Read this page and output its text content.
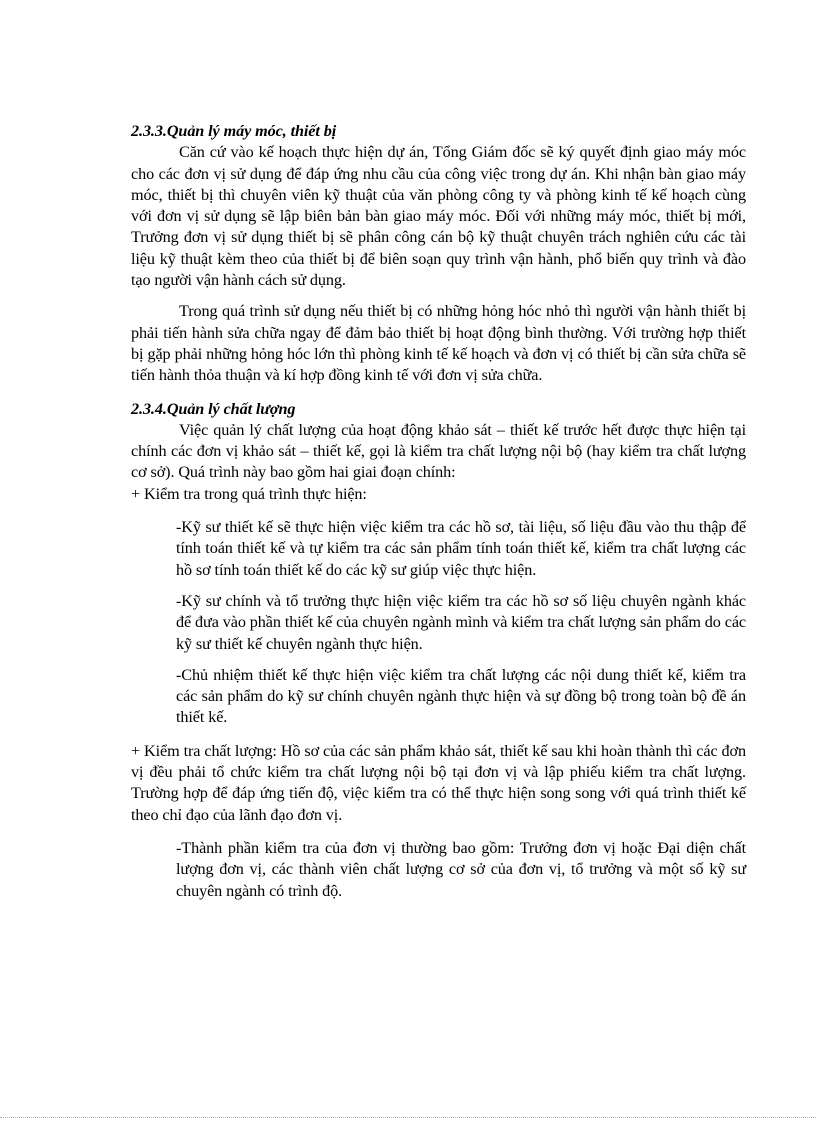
2.3.3.Quản lý máy móc, thiết bị

Căn cứ vào kế hoạch thực hiện dự án, Tổng Giám đốc sẽ ký quyết định giao máy móc cho các đơn vị sử dụng để đáp ứng nhu cầu của công việc trong dự án. Khi nhận bàn giao máy móc, thiết bị thì chuyên viên kỹ thuật của văn phòng công ty và phòng kinh tế kế hoạch cùng với đơn vị sử dụng sẽ lập biên bản bàn giao máy móc. Đối với những máy móc, thiết bị mới, Trưởng đơn vị sử dụng thiết bị sẽ phân công cán bộ kỹ thuật chuyên trách nghiên cứu các tài liệu kỹ thuật kèm theo của thiết bị để biên soạn quy trình vận hành, phổ biến quy trình và đào tạo người vận hành cách sử dụng.

Trong quá trình sử dụng nếu thiết bị có những hỏng hóc nhỏ thì người vận hành thiết bị phải tiến hành sửa chữa ngay để đảm bảo thiết bị hoạt động bình thường. Với trường hợp thiết bị gặp phải những hỏng hóc lớn thì phòng kinh tế kế hoạch và đơn vị có thiết bị cần sửa chữa sẽ tiến hành thỏa thuận và kí hợp đồng kinh tế với đơn vị sửa chữa.

2.3.4.Quản lý chất lượng

Việc quản lý chất lượng của hoạt động khảo sát – thiết kế trước hết được thực hiện tại chính các đơn vị khảo sát – thiết kế, gọi là kiểm tra chất lượng nội bộ (hay kiểm tra chất lượng cơ sở). Quá trình này bao gồm hai giai đoạn chính:

+ Kiểm tra trong quá trình thực hiện:

-Kỹ sư thiết kế sẽ thực hiện việc kiểm tra các hồ sơ, tài liệu, số liệu đầu vào thu thập để tính toán thiết kế và tự kiểm tra các sản phẩm tính toán thiết kế, kiểm tra chất lượng các hồ sơ tính toán thiết kế do các kỹ sư giúp việc thực hiện.

-Kỹ sư chính và tổ trưởng thực hiện việc kiểm tra các hồ sơ số liệu chuyên ngành khác để đưa vào phần thiết kế của chuyên ngành mình và kiểm tra chất lượng sản phẩm do các kỹ sư thiết kế chuyên ngành thực hiện.

-Chủ nhiệm thiết kế thực hiện việc kiểm tra chất lượng các nội dung thiết kế, kiểm tra các sản phẩm do kỹ sư chính chuyên ngành thực hiện và sự đồng bộ trong toàn bộ đề án thiết kế.

+ Kiểm tra chất lượng: Hồ sơ của các sản phẩm khảo sát, thiết kế sau khi hoàn thành thì các đơn vị đều phải tổ chức kiểm tra chất lượng nội bộ tại đơn vị và lập phiếu kiểm tra chất lượng. Trường hợp để đáp ứng tiến độ, việc kiểm tra có thể thực hiện song song với quá trình thiết kế theo chỉ đạo của lãnh đạo đơn vị.

-Thành phần kiểm tra của đơn vị thường bao gồm: Trưởng đơn vị hoặc Đại diện chất lượng đơn vị, các thành viên chất lượng cơ sở của đơn vị, tổ trưởng và một số kỹ sư chuyên ngành có trình độ.
